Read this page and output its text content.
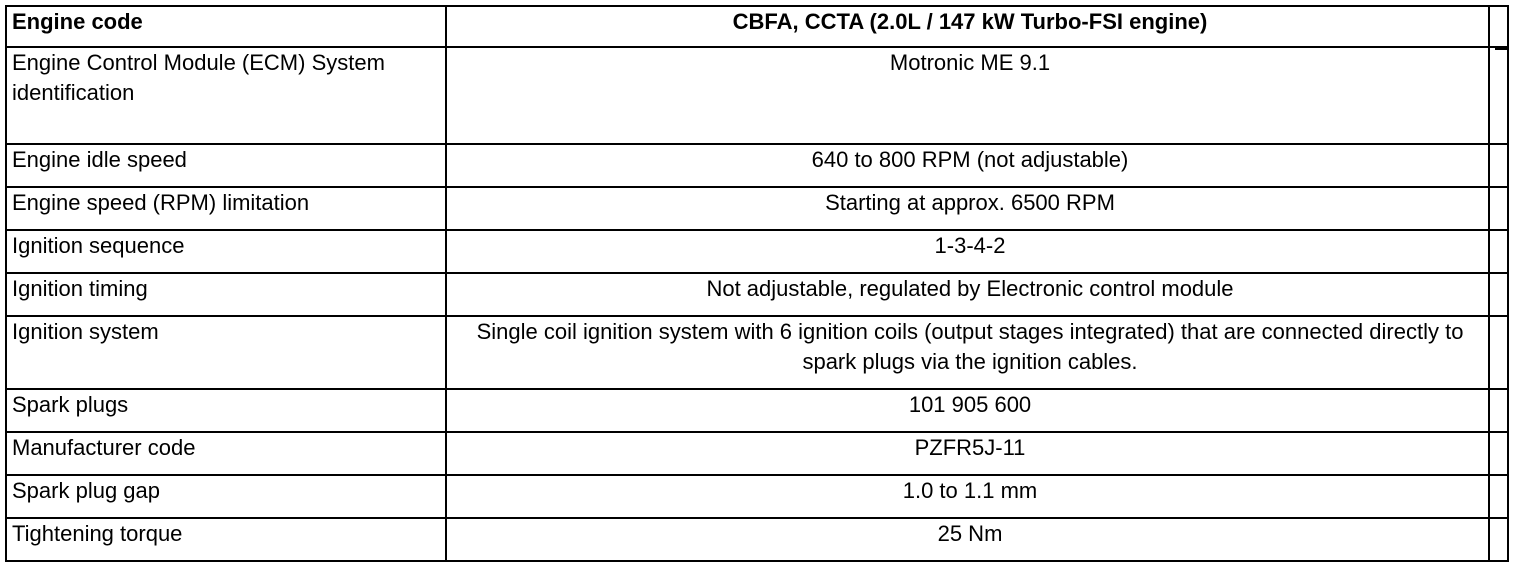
Engine code	CBFA, CCTA (2.0L / 147 kW Turbo-FSI engine)	
Engine Control Module (ECM) System identification	Motronic ME 9.1	

Engine idle speed	640 to 800 RPM (not adjustable)	
Engine speed (RPM) limitation	Starting at approx. 6500 RPM	
Ignition sequence	1-3-4-2	
Ignition timing	Not adjustable, regulated by Electronic control module	
Ignition system	Single coil ignition system with 6 ignition coils (output stages integrated) that are connected directly to spark plugs via the ignition cables.	
Spark plugs	101 905 600	
Manufacturer code	PZFR5J-11	
Spark plug gap	1.0 to 1.1 mm	
Tightening torque	25 Nm	
